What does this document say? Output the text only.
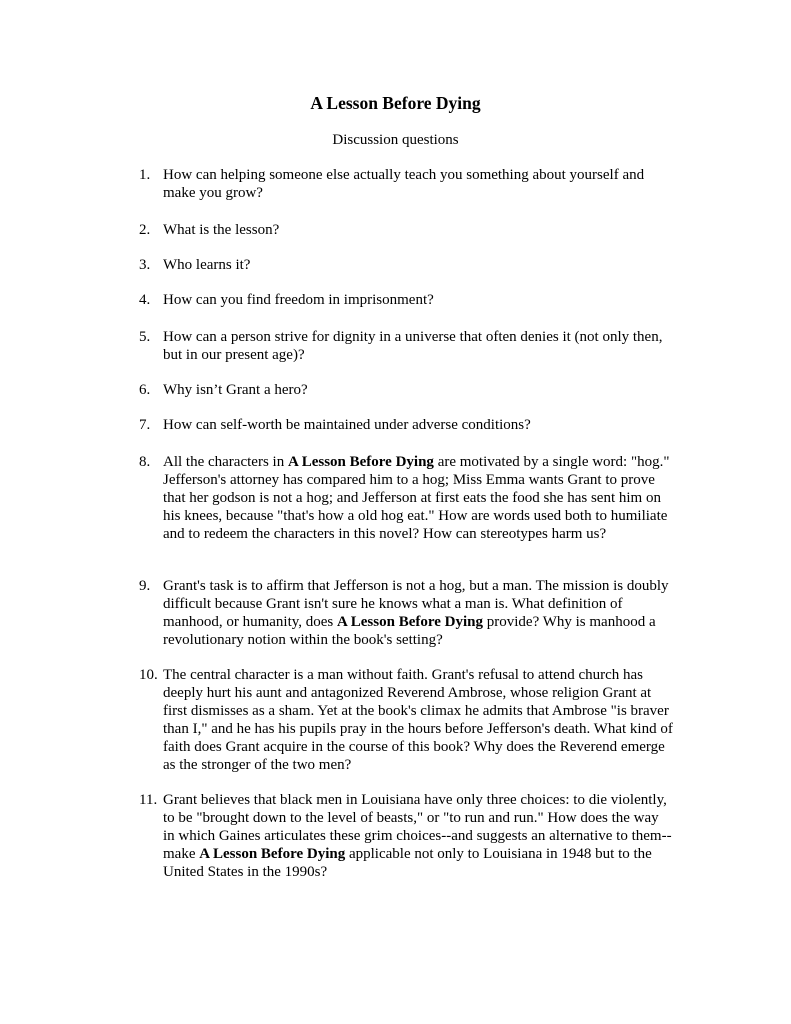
A Lesson Before Dying

Discussion questions

1. How can helping someone else actually teach you something about yourself and make you grow?
2. What is the lesson?
3. Who learns it?
4. How can you find freedom in imprisonment?
5. How can a person strive for dignity in a universe that often denies it (not only then, but in our present age)?
6. Why isn’t Grant a hero?
7. How can self-worth be maintained under adverse conditions?
8. All the characters in A Lesson Before Dying are motivated by a single word: "hog." Jefferson's attorney has compared him to a hog; Miss Emma wants Grant to prove that her godson is not a hog; and Jefferson at first eats the food she has sent him on his knees, because "that's how a old hog eat." How are words used both to humiliate and to redeem the characters in this novel? How can stereotypes harm us?
9. Grant's task is to affirm that Jefferson is not a hog, but a man. The mission is doubly difficult because Grant isn't sure he knows what a man is. What definition of manhood, or humanity, does A Lesson Before Dying provide? Why is manhood a revolutionary notion within the book's setting?
10. The central character is a man without faith. Grant's refusal to attend church has deeply hurt his aunt and antagonized Reverend Ambrose, whose religion Grant at first dismisses as a sham. Yet at the book's climax he admits that Ambrose "is braver than I," and he has his pupils pray in the hours before Jefferson's death. What kind of faith does Grant acquire in the course of this book? Why does the Reverend emerge as the stronger of the two men?
11. Grant believes that black men in Louisiana have only three choices: to die violently, to be "brought down to the level of beasts," or "to run and run." How does the way in which Gaines articulates these grim choices--and suggests an alternative to them--make A Lesson Before Dying applicable not only to Louisiana in 1948 but to the United States in the 1990s?
